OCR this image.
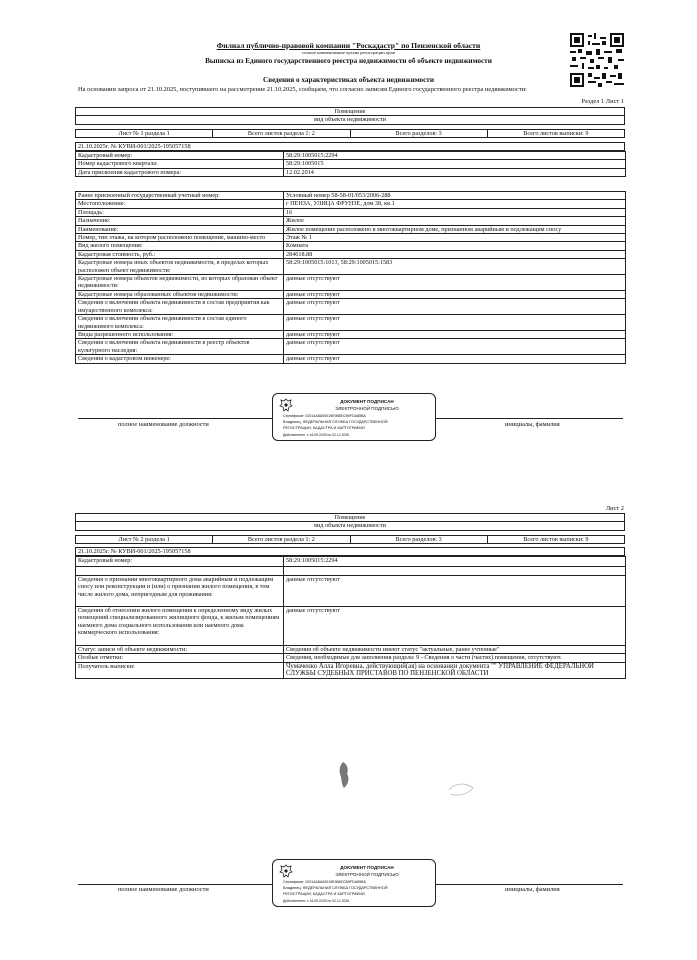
Филиал публично-правовой компании "Роскадастр" по Пензенской области
полное наименование органа регистрации прав
Выписка из Единого государственного реестра недвижимости об объекте недвижимости
Сведения о характеристиках объекта недвижимости
На основании запроса от 21.10.2025, поступившего на рассмотрение 21.10.2025, сообщаем, что согласно записям Единого государственного реестра недвижимости:
Раздел 1 Лист 1
Помещение
вид объекта недвижимости
Лист № 1 раздела 1	Всего листов раздела 1: 2	Всего разделов: 3	Всего листов выписки: 9
21.10.2025г. № КУВИ-001/2025-195057158
Кадастровый номер:	58:29:1005015:2294
Номер кадастрового квартала:	58:29:1005015
Дата присвоения кадастрового номера:	12.02.2014
Ранее присвоенный государственный учетный номер:	Условный номер 58-58-01/053/2006-288
Местоположение:	г ПЕНЗА, УЛИЦА ФРУНЗЕ, дом 38, кв.1
Площадь:	16
Назначение:	Жилое
Наименование:	Жилое помещение расположено в многоквартирном доме, признанном аварийным и подлежащим сносу
Номер, тип этажа, на котором расположено помещение, машино-место	Этаж № 1
Вид жилого помещения:	Комната
Кадастровая стоимость, руб.:	284618.88
Кадастровые номера иных объектов недвижимости, в пределах которых расположен объект недвижимости:	58:29:1005015:1013, 58:29:1005015:1583
Кадастровые номера объектов недвижимости, из которых образован объект недвижимости:	данные отсутствуют
Кадастровые номера образованных объектов недвижимости:	данные отсутствуют
Сведения о включении объекта недвижимости в состав предприятия как имущественного комплекса:	данные отсутствуют
Сведения о включении объекта недвижимости в состав единого недвижимого комплекса:	данные отсутствуют
Виды разрешенного использования:	данные отсутствуют
Сведения о включении объекта недвижимости в реестр объектов культурного наследия:	данные отсутствуют
Сведения о кадастровом инженере:	данные отсутствуют
полное наименование должности	инициалы, фамилия
ДОКУМЕНТ ПОДПИСАН
ЭЛЕКТРОННОЙ ПОДПИСЬЮ
Сертификат: 02014A8A00019E985ECB9FDA85BA
Владелец: ФЕДЕРАЛЬНАЯ СЛУЖБА ГОСУДАРСТВЕННОЙ
РЕГИСТРАЦИИ, КАДАСТРА И КАРТОГРАФИИ
Действителен: с 16.09.2025 по 02.12.2026
Лист 2
Помещение
вид объекта недвижимости
Лист № 2 раздела 1	Всего листов раздела 1: 2	Всего разделов: 3	Всего листов выписки: 9
21.10.2025г. № КУВИ-001/2025-195057158
Кадастровый номер:	58:29:1005015:2294

Сведения о признании многоквартирного дома аварийным и подлежащим сносу или реконструкции и (или) о признании жилого помещения, в том числе жилого дома, непригодным для проживания:	данные отсутствуют
Сведения об отнесении жилого помещения к определенному виду жилых помещений специализированного жилищного фонда, к жилым помещениям наемного дома социального использования или наемного дома коммерческого использования:	данные отсутствуют
Статус записи об объекте недвижимости:	Сведения об объекте недвижимости имеют статус "актуальные, ранее учтенные"
Особые отметки:	Сведения, необходимые для заполнения раздела: 9 - Сведения о части (частях) помещения, отсутствуют.
Получатель выписки:	Чумаченко Алла Игоревна, действующий(ая) на основании документа "" УПРАВЛЕНИЕ ФЕДЕРАЛЬНОЙ СЛУЖБЫ СУДЕБНЫХ ПРИСТАВОВ ПО ПЕНЗЕНСКОЙ ОБЛАСТИ
полное наименование должности	инициалы, фамилия
ДОКУМЕНТ ПОДПИСАН
ЭЛЕКТРОННОЙ ПОДПИСЬЮ
Сертификат: 02014A8A00019E985ECB9FDA85BA
Владелец: ФЕДЕРАЛЬНАЯ СЛУЖБА ГОСУДАРСТВЕННОЙ
РЕГИСТРАЦИИ, КАДАСТРА И КАРТОГРАФИИ
Действителен: с 16.09.2025 по 02.12.2026
